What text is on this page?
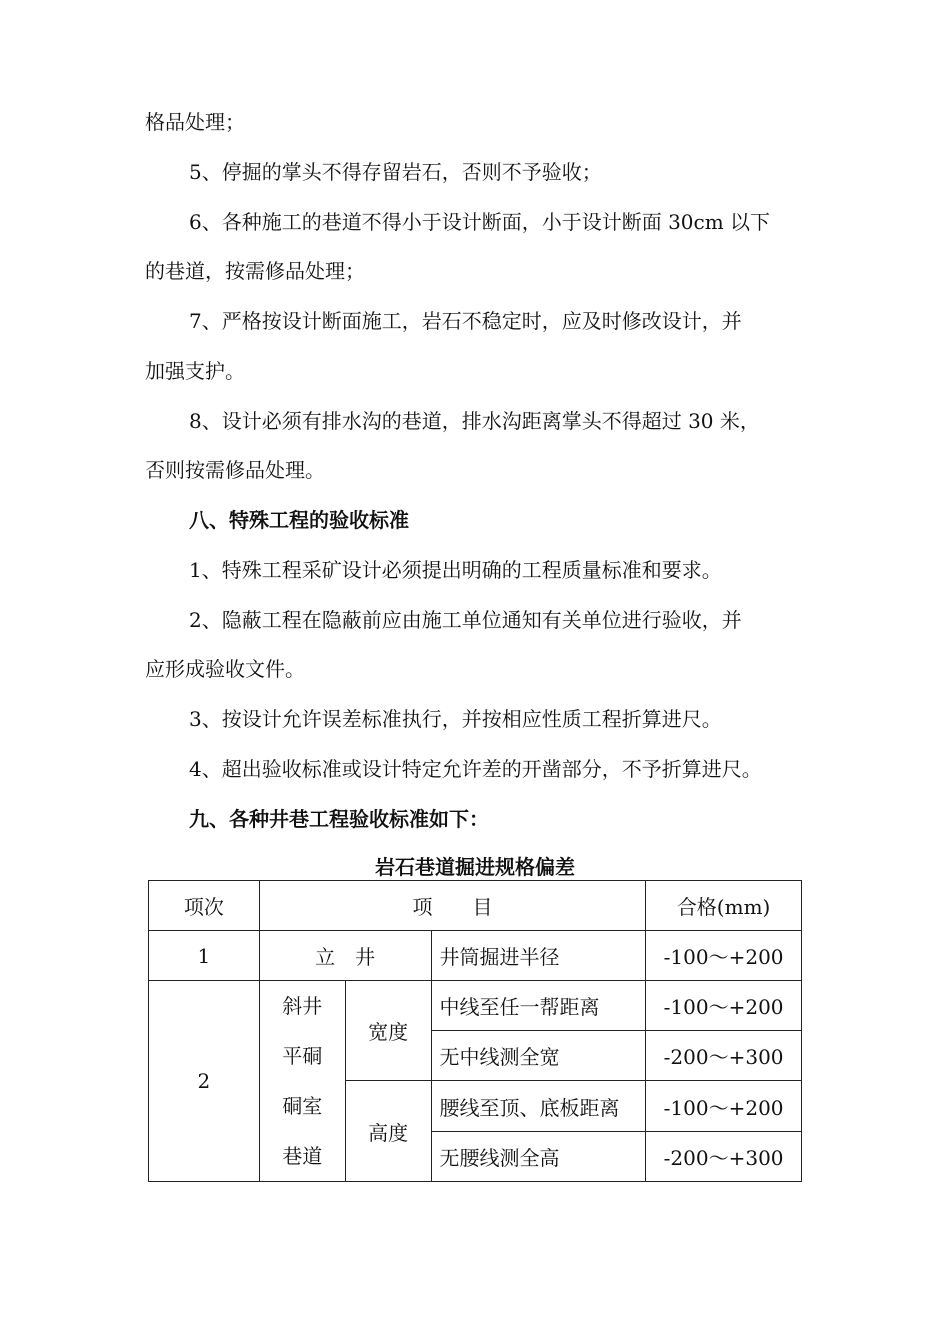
格品处理；
5、停掘的掌头不得存留岩石，否则不予验收；
6、各种施工的巷道不得小于设计断面，小于设计断面 30cm 以下
的巷道，按需修品处理；
7、严格按设计断面施工，岩石不稳定时，应及时修改设计，并
加强支护。
8、设计必须有排水沟的巷道，排水沟距离掌头不得超过 30 米，
否则按需修品处理。
八、特殊工程的验收标准
1、特殊工程采矿设计必须提出明确的工程质量标准和要求。
2、隐蔽工程在隐蔽前应由施工单位通知有关单位进行验收，并
应形成验收文件。
3、按设计允许误差标准执行，并按相应性质工程折算进尺。
4、超出验收标准或设计特定允许差的开凿部分，不予折算进尺。
九、各种井巷工程验收标准如下：
岩石巷道掘进规格偏差
项次	项　　目			合格(mm)
1	立　井		井筒掘进半径	-100～+200
2	斜井
平硐
硐室
巷道	宽度	中线至任一帮距离	-100～+200
			无中线测全宽	-200～+300
		高度	腰线至顶、底板距离	-100～+200
			无腰线测全高	-200～+300
